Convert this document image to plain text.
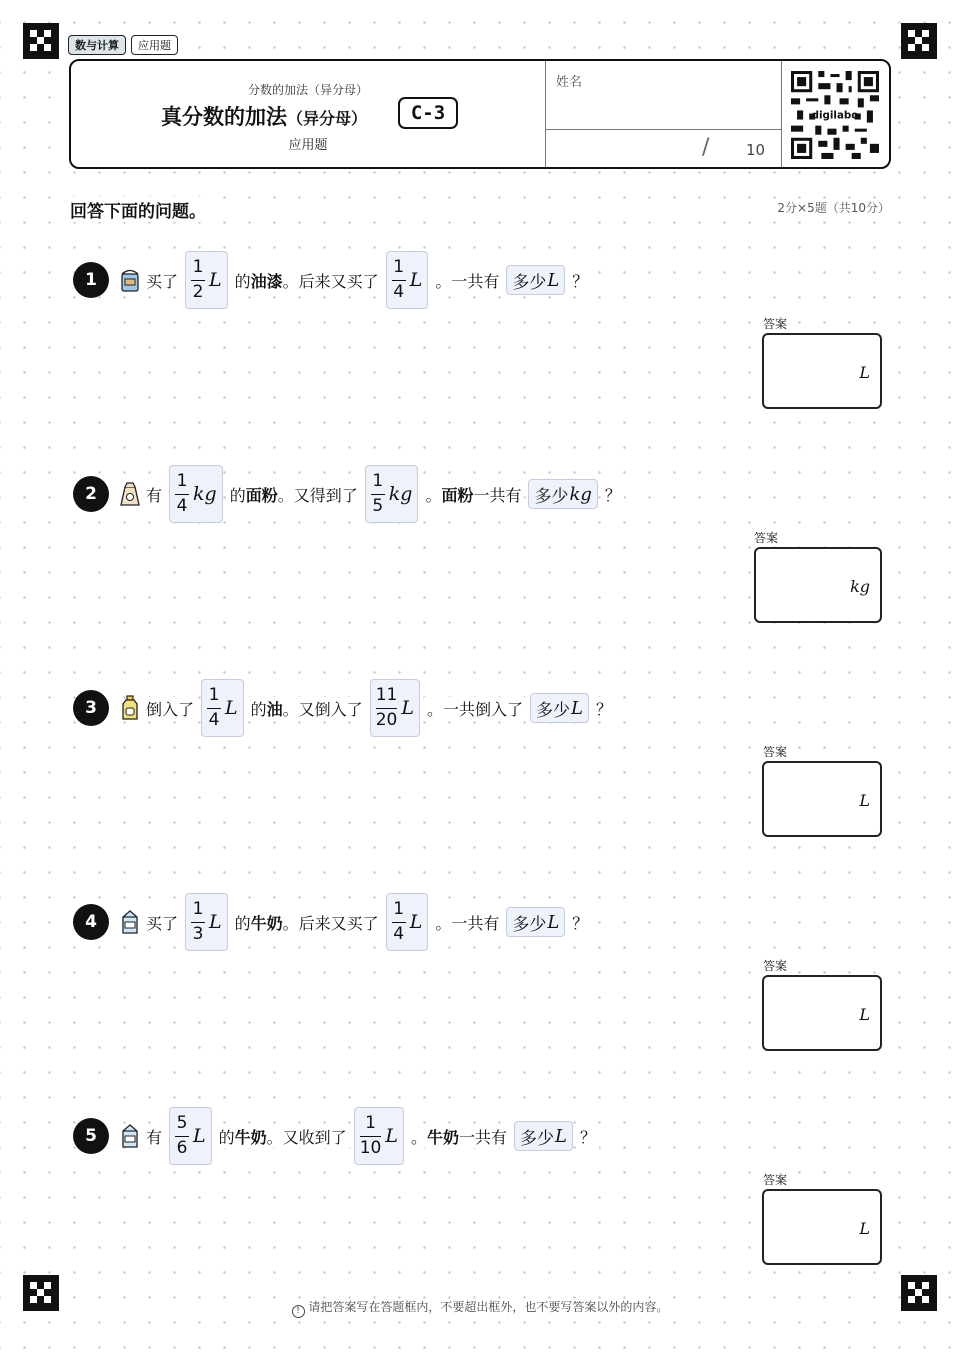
数与计算	应用题
分数的加法（异分母）
真分数的加法（异分母）	C-3
应用题
姓名
/ 10
digilabo
回答下面的问题。	2分×5题（共10分）
1	买了 $\frac{1}{2}$ L 的油漆。后来又买了 $\frac{1}{4}$ L 。一共有 多少 L ？
答案
L
2	有 $\frac{1}{4}$ kg 的面粉。又得到了 $\frac{1}{5}$ kg 。面粉一共有 多少 kg ？
答案
kg
3	倒入了 $\frac{1}{4}$ L 的油。又倒入了 $\frac{11}{20}$ L 。一共倒入了 多少 L ？
答案
L
4	买了 $\frac{1}{3}$ L 的牛奶。后来又买了 $\frac{1}{4}$ L 。一共有 多少 L ？
答案
L
5	有 $\frac{5}{6}$ L 的牛奶。又收到了 $\frac{1}{10}$ L 。牛奶一共有 多少 L ？
答案
L
! 请把答案写在答题框内，不要超出框外，也不要写答案以外的内容。
